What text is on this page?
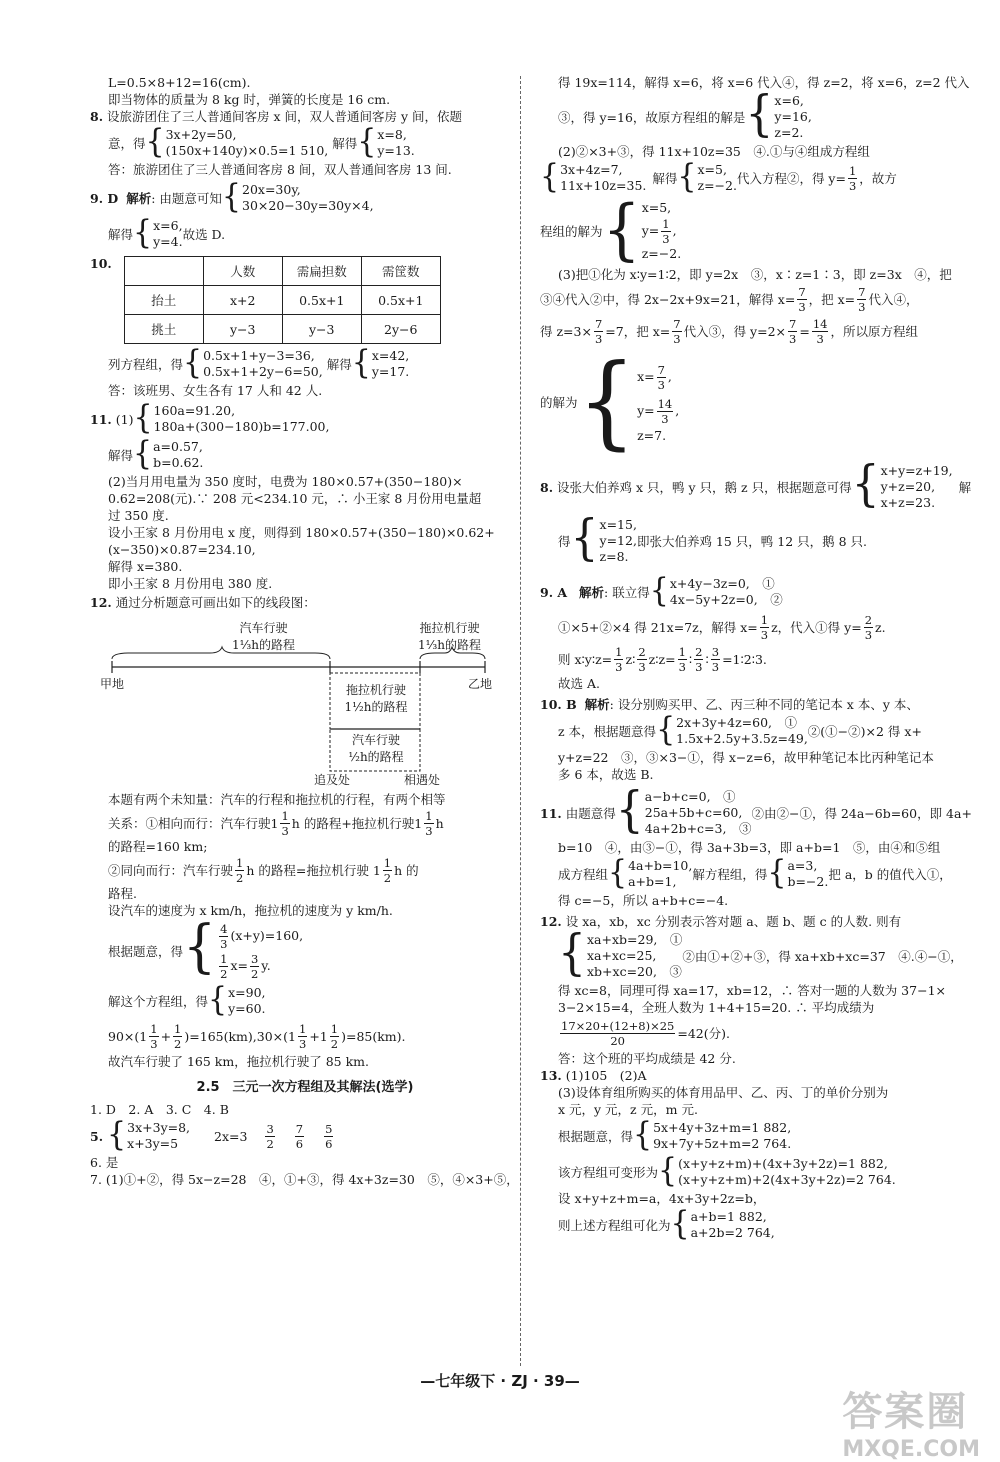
L=0.5×8+12=16(cm).
即当物体的质量为 8 kg 时，弹簧的长度是 16 cm.
8. 设旅游团住了三人普通间客房 x 间，双人普通间客房 y 间，依题
意，得 { 3x+2y=50,
(150x+140y)×0.5=1 510, 解得 { x=8,
y=13.
答：旅游团住了三人普通间客房 8 间，双人普通间客房 13 间.
9. D
解析 : 由题意可知 { 20x=30y,
30×20−30y=30y×4,
解得 { x=6,
y=4. 故选 D.
10.
	人数	需扁担数	需筐数
抬土	x+2	0.5x+1	0.5x+1
挑土	y−3	y−3	2y−6
列方程组，得 { 0.5x+1+y−3=36,
0.5x+1+2y−6=50, 解得 { x=42,
y=17.
答：该班男、女生各有 17 人和 42 人.
11.
(1) { 160a=91.20,
180a+(300−180)b=177.00,
解得 { a=0.57,
b=0.62.
(2)当月用电量为 350 度时，电费为 180×0.57+(350−180)×
0.62=208(元).∵ 208 元<234.10 元，∴ 小王家 8 月份用电量超
过 350 度.
设小王家 8 月份用电 x 度，则得到 180×0.57+(350−180)×0.62+
(x−350)×0.87=234.10,
解得 x=380.
即小王家 8 月份用电 380 度.
12. 通过分析题意可画出如下的线段图：
汽车行驶
1⅓h的路程
拖拉机行驶
1⅓h的路程
甲地	乙地
拖拉机行驶
1½h的路程
汽车行驶
½h的路程
追及处	相遇处
本题有两个未知量：汽车的行程和拖拉机的行程，有两个相等
关系：①相向而行：汽车行驶$1 \frac{1}{3}$ h 的路程+拖拉机行驶$1 \frac{1}{3}$ h
的路程=160 km;
②同向而行：汽车行驶 $\frac{1}{2}$ h 的路程=拖拉机行驶 $1 \frac{1}{2}$ h 的
路程.
设汽车的速度为 x km/h，拖拉机的速度为 y km/h.
根据题意，得 { $\frac{4}{3} (x+y)=160$,
$\frac{1}{2} x= \frac{3}{2} y$.
解这个方程组，得 { x=90,
y=60.
$90\times (1 \frac{1}{3} + \frac{1}{2}$ ) $=165(km),30\times (1 \frac{1}{3} +1 \frac{1}{2}$ ) =85(km).
故汽车行驶了 165 km，拖拉机行驶了 85 km.
2.5　三元一次方程组及其解法(选学)
1. D　2. A　3. C　4. B
5.
{ 3x+3y=8,
x+3y=5	$2x=3 \frac{3}{2} \frac{7}{6} \frac{5}{6}$
6. 是
7. (1)①+②，得 5x−z=28　④，①+③，得 4x+3z=30　⑤，④×3+⑤，
得 19x=114，解得 x=6，将 x=6 代入④，得 z=2，将 x=6，z=2 代入
③，得 y=16，故原方程组的解是 { x=6,
y=16,
z=2.
(2)②×3+③，得 11x+10z=35　④.①与④组成方程组
{ 3x+4z=7,
11x+10z=35. 解得 { x=5,
z=−2. 代入方程②，得 $y= \frac{1}{3}$ ，故方
程组的解为 { x=5,
$y= \frac{1}{3}$ ,
z=−2.
(3)把①化为 x∶y=1∶2，即 y=2x　③，x∶z=1∶3，即 z=3x　④，把
③④代入②中，得 2x−2x+9x=21，解得 $x= \frac{7}{3}$ ，把 $x= \frac{7}{3}$ 代入④，
得 $z=3\times \frac{7}{3} =7$，把 $x= \frac{7}{3}$ 代入③，得 $y=2\times \frac{7}{3} = \frac{14}{3}$ ，所以原方程组
的解为 { $x= \frac{7}{3}$ ,
$y= \frac{14}{3}$ ,
z=7.
8.
设张大伯养鸡 x 只，鸭 y 只，鹅 z 只，根据题意可得 { x+y=z+19,
y+z=20,
x+z=23.
解
得 { x=15,
y=12,
z=8.
即张大伯养鸡 15 只，鸭 12 只，鹅 8 只.
9. A
解析 : 联立得 { x+4y−3z=0,　①
4x−5y+2z=0,　②
①×5+②×4 得 21x=7z，解得 $x= \frac{1}{3}$ z，代入①得 $y= \frac{2}{3} z$.
则 x∶y∶z= $\frac{1}{3}$ z∶ $\frac{2}{3}$ z∶z= $\frac{1}{3}$ ∶ $\frac{2}{3}$ ∶ $\frac{3}{3}$ =1∶2∶3.
故选 A.
10. B 解析: 设分别购买甲、乙、丙三种不同的笔记本 x 本、y 本、
z 本，根据题意得 { 2x+3y+4z=60,　①
1.5x+2.5y+3.5z=49, ②(①−②)×2 得 x+
y+z=22　③，③×3−①，得 x−z=6，故甲种笔记本比丙种笔记本
多 6 本，故选 B.
11.
由题意得 { a−b+c=0,　①
25a+5b+c=60,
4a+2b+c=3,　③
②由②−①，得 24a−6b=60，即 4a+
b=10　④，由③−①，得 3a+3b=3，即 a+b=1　⑤，由④和⑤组
成方程组 { 4a+b=10,
a+b=1,	解方程组，得 { a=3,
b=−2. 把 a，b 的值代入①，
得 c=−5，所以 a+b+c=−4.
12. 设 xa，xb，xc 分别表示答对题 a、题 b、题 c 的人数. 则有
{ xa+xb=29,　①
xa+xc=25,
xb+xc=20,　③
②由①+②+③，得 xa+xb+xc=37　④.④−①，
得 xc=8，同理可得 xa=17，xb=12，∴ 答对一题的人数为 37−1×
3−2×15=4，全班人数为 1+4+15=20. ∴ 平均成绩为
$\frac{17\times 20+(12+8)\times 25}{20} =42$(分).
答：这个班的平均成绩是 42 分.
13. (1)105　(2)A
(3)设体育组所购买的体育用品甲、乙、丙、丁的单价分别为
x 元，y 元，z 元，m 元.
根据题意，得 { 5x+4y+3z+m=1 882,
9x+7y+5z+m=2 764.
该方程组可变形为 { (x+y+z+m)+(4x+3y+2z)=1 882,
(x+y+z+m)+2(4x+3y+2z)=2 764.
设 x+y+z+m=a，4x+3y+2z=b，
则上述方程组可化为 { a+b=1 882,
a+2b=2 764,
—七年级下 · ZJ · 39—
答案圈
MXQE.COM
